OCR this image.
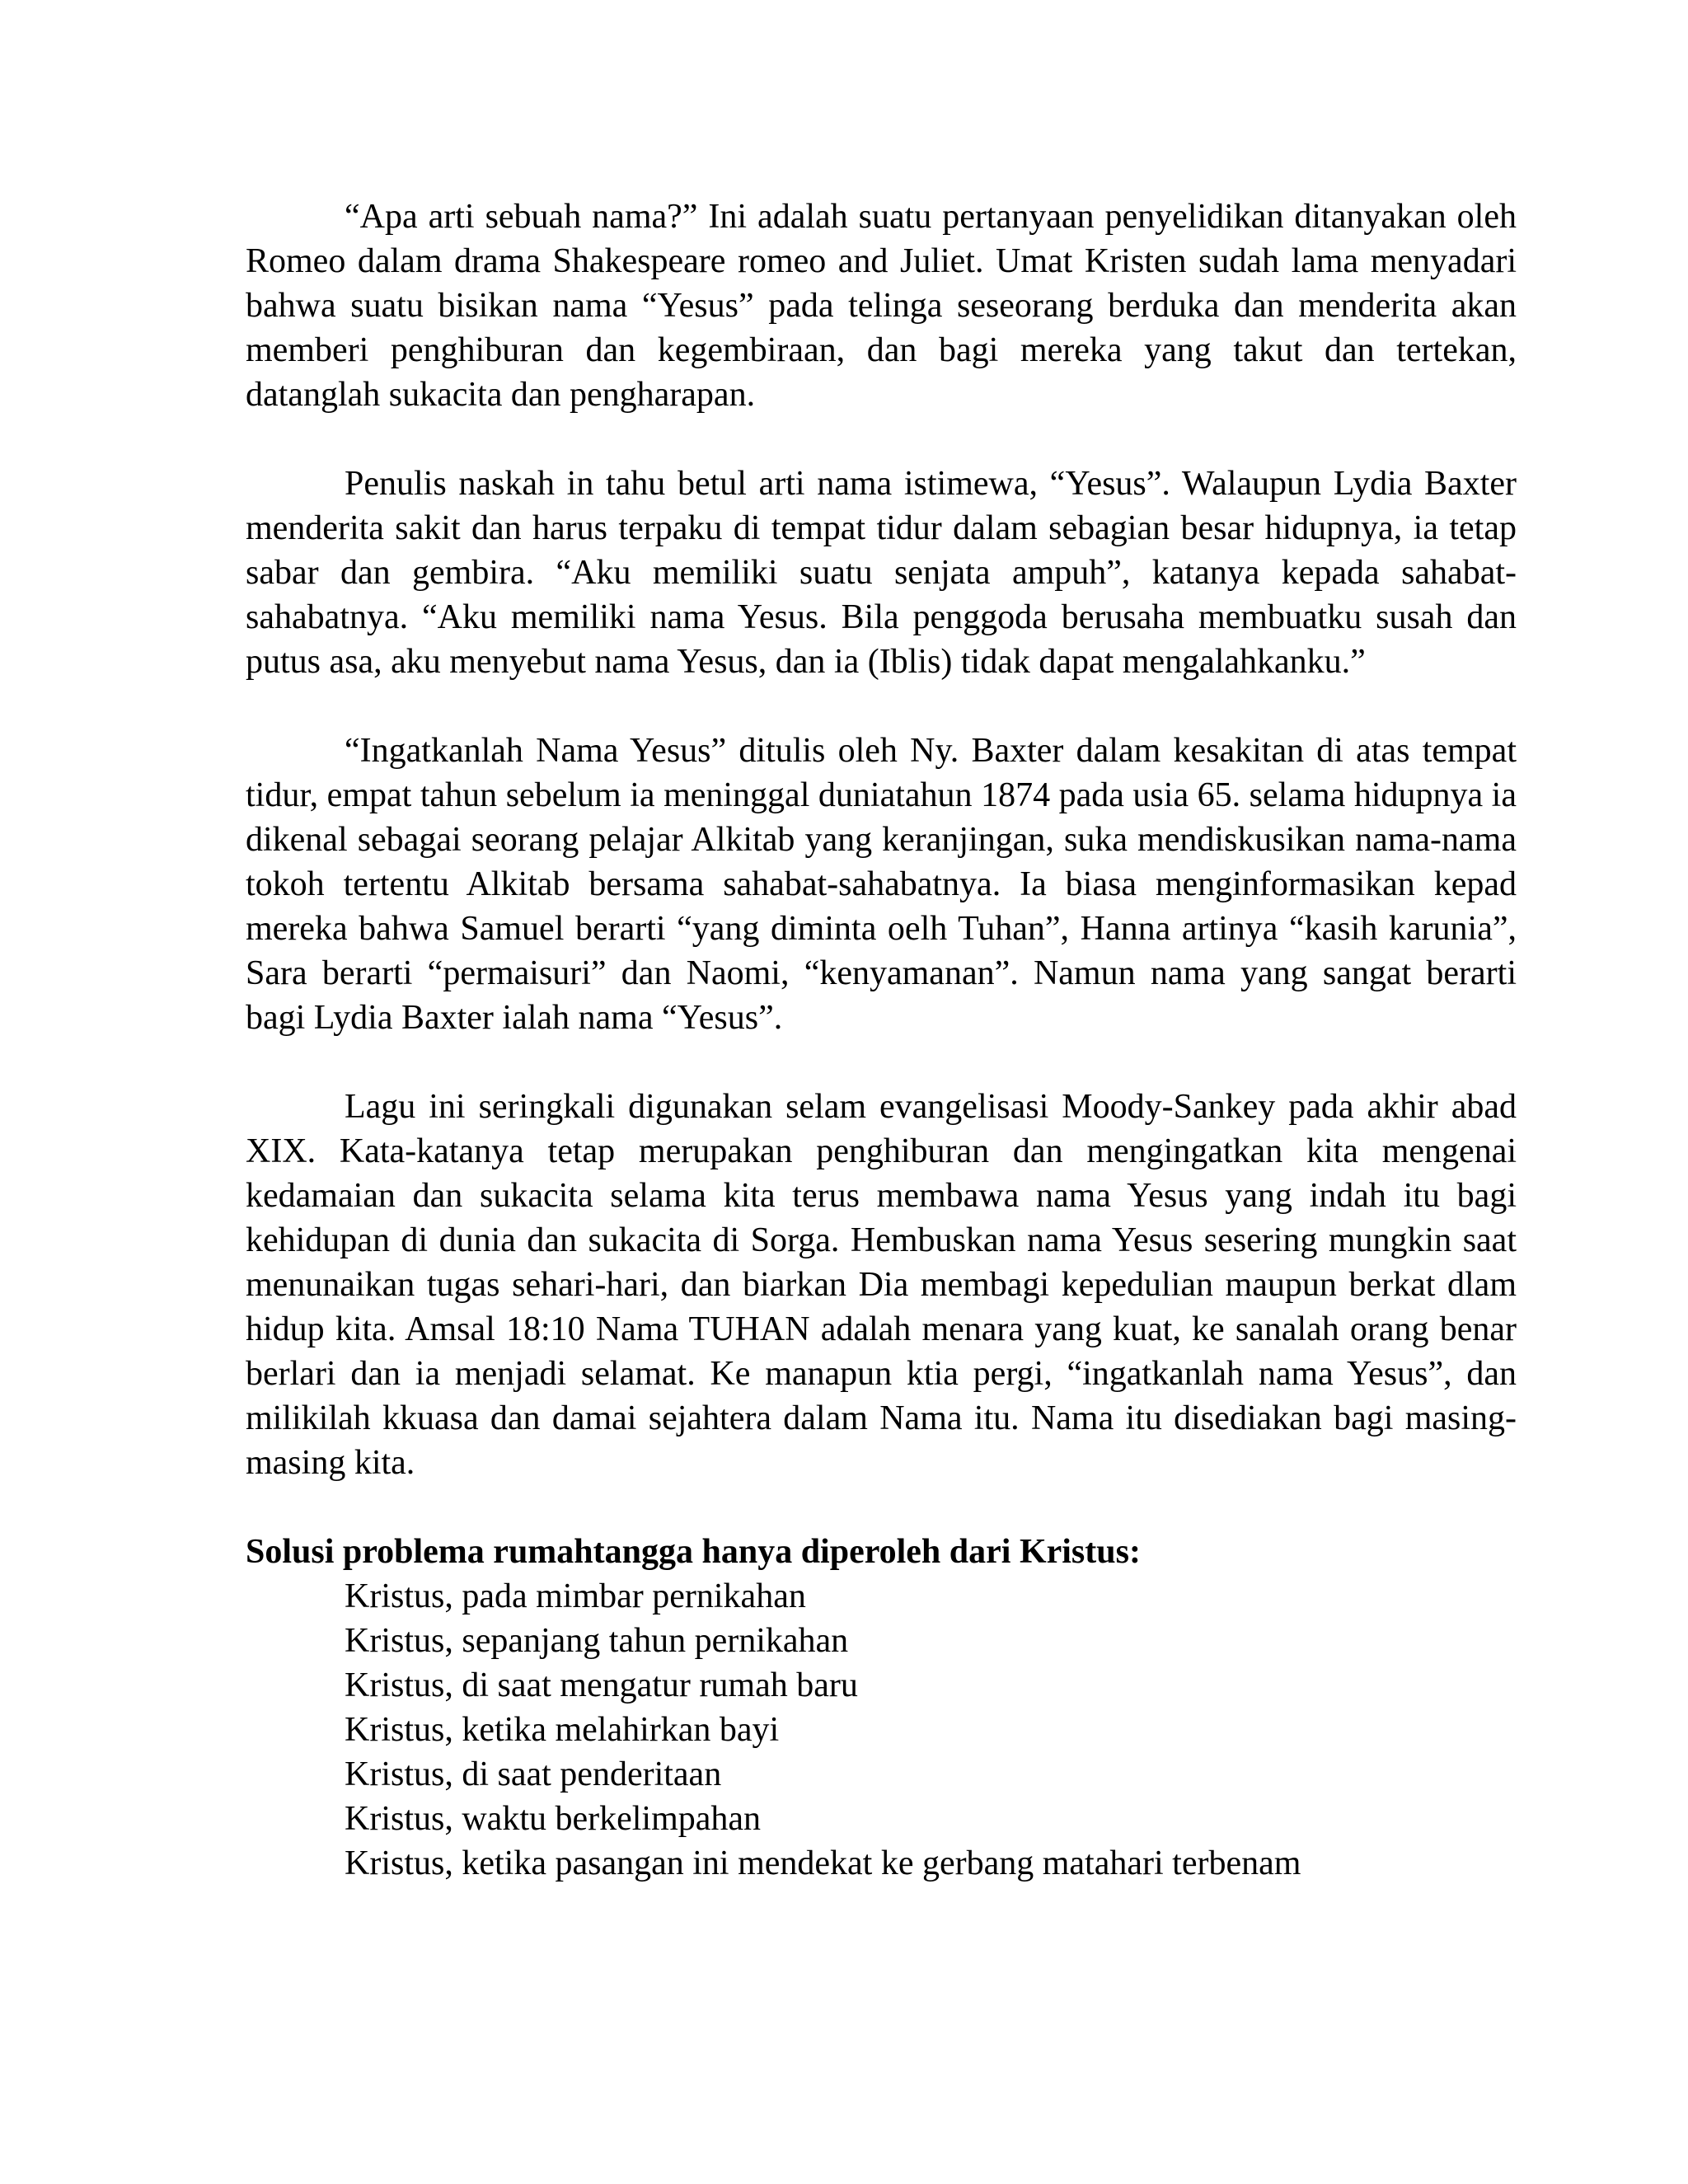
“Apa arti sebuah nama?” Ini adalah suatu pertanyaan penyelidikan ditanyakan oleh Romeo dalam drama Shakespeare romeo and Juliet. Umat Kristen sudah lama menyadari bahwa suatu bisikan nama “Yesus” pada telinga seseorang berduka dan menderita akan memberi penghiburan dan kegembiraan, dan bagi mereka yang takut dan tertekan, datanglah sukacita dan pengharapan.

Penulis naskah in tahu betul arti nama istimewa, “Yesus”. Walaupun Lydia Baxter menderita sakit dan harus terpaku di tempat tidur dalam sebagian besar hidupnya, ia tetap sabar dan gembira. “Aku memiliki suatu senjata ampuh”, katanya kepada sahabat-sahabatnya. “Aku memiliki nama Yesus. Bila penggoda berusaha membuatku susah dan putus asa, aku menyebut nama Yesus, dan ia (Iblis) tidak dapat mengalahkanku.”

“Ingatkanlah Nama Yesus” ditulis oleh Ny. Baxter dalam kesakitan di atas tempat tidur, empat tahun sebelum ia meninggal duniatahun 1874 pada usia 65. selama hidupnya ia dikenal sebagai seorang pelajar Alkitab yang keranjingan, suka mendiskusikan nama-nama tokoh tertentu Alkitab bersama sahabat-sahabatnya. Ia biasa menginformasikan kepad mereka bahwa Samuel berarti “yang diminta oelh Tuhan”, Hanna artinya “kasih karunia”, Sara berarti “permaisuri” dan Naomi, “kenyamanan”. Namun nama yang sangat berarti bagi Lydia Baxter ialah nama “Yesus”.

Lagu ini seringkali digunakan selam evangelisasi Moody-Sankey pada akhir abad XIX. Kata-katanya tetap merupakan penghiburan dan mengingatkan kita mengenai kedamaian dan sukacita selama kita terus membawa nama Yesus yang indah itu bagi kehidupan di dunia dan sukacita di Sorga. Hembuskan nama Yesus sesering mungkin saat menunaikan tugas sehari-hari, dan biarkan Dia membagi kepedulian maupun berkat dlam hidup kita. Amsal 18:10 Nama TUHAN adalah menara yang kuat, ke sanalah orang benar berlari dan ia menjadi selamat. Ke manapun ktia pergi, “ingatkanlah nama Yesus”, dan milikilah kkuasa dan damai sejahtera dalam Nama itu. Nama itu disediakan bagi masing-masing kita.

Solusi problema rumahtangga hanya diperoleh dari Kristus:

Kristus, pada mimbar pernikahan
Kristus, sepanjang tahun pernikahan
Kristus, di saat mengatur rumah baru
Kristus, ketika melahirkan bayi
Kristus, di saat penderitaan
Kristus, waktu berkelimpahan
Kristus, ketika pasangan ini mendekat ke gerbang matahari terbenam
